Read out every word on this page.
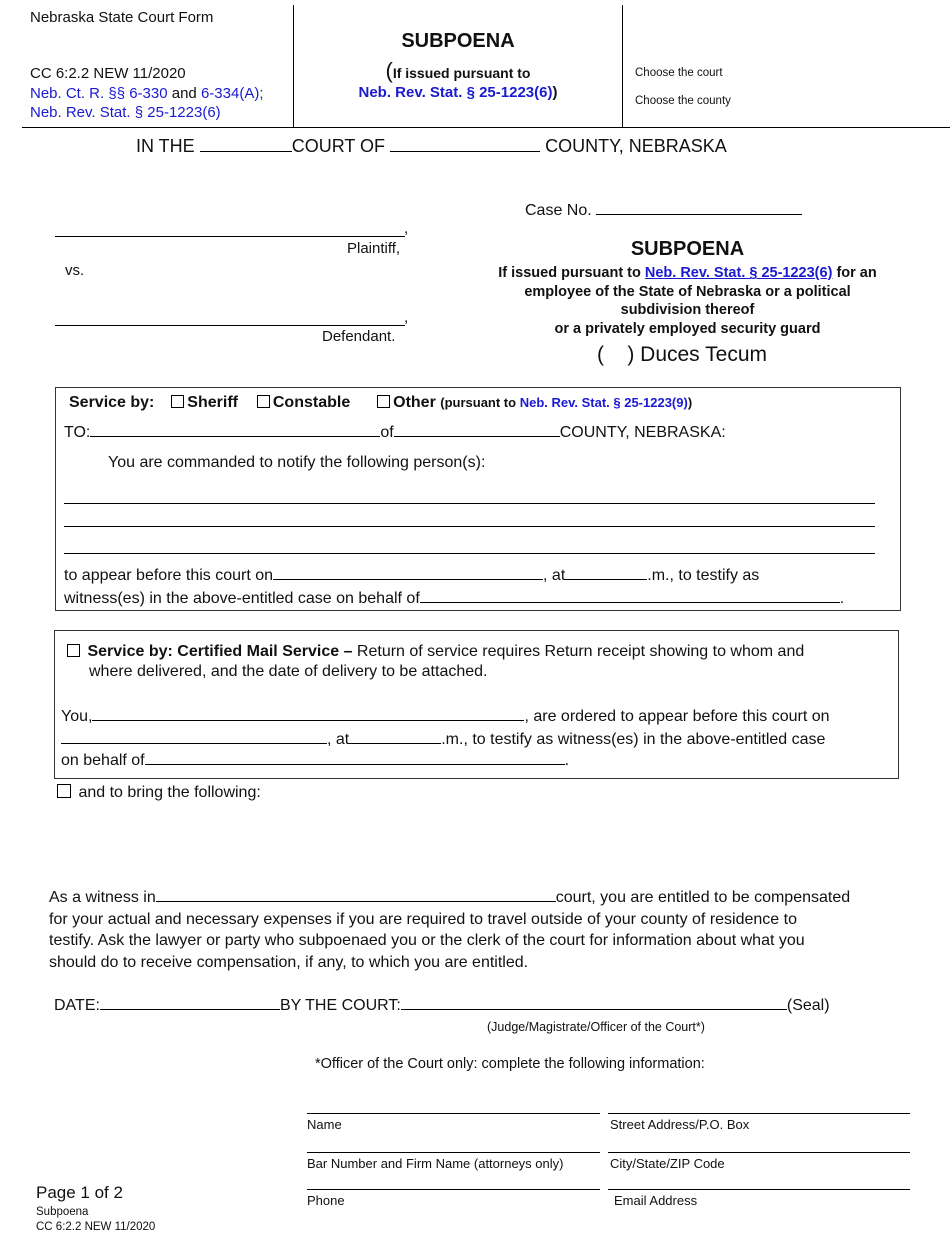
Nebraska State Court Form
CC 6:2.2 NEW 11/2020
Neb. Ct. R. §§ 6-330 and 6-334(A);
Neb. Rev. Stat. § 25-1223(6)
SUBPOENA
(If issued pursuant to
Neb. Rev. Stat. § 25-1223(6))
Choose the court
Choose the county
IN THE	COURT OF	COUNTY, NEBRASKA
Case No.
,
Plaintiff,
vs.
,
Defendant.
SUBPOENA
If issued pursuant to Neb. Rev. Stat. § 25-1223(6) for an
employee of the State of Nebraska or a political
subdivision thereof
or a privately employed security guard
(    ) Duces Tecum
Service by: Sheriff Constable	Other (pursuant to Neb. Rev. Stat. § 25-1223(9))
TO:	of	COUNTY, NEBRASKA:
You are commanded to notify the following person(s):
to appear before this court on	, at	.m., to testify as
witness(es) in the above-entitled case on behalf of	.
Service by: Certified Mail Service – Return of service requires Return receipt showing to whom and
where delivered, and the date of delivery to be attached.
You,	, are ordered to appear before this court on
, at	.m., to testify as witness(es) in the above-entitled case
on behalf of	.
and to bring the following:
As a witness in	court, you are entitled to be compensated
for your actual and necessary expenses if you are required to travel outside of your county of residence to
testify. Ask the lawyer or party who subpoenaed you or the clerk of the court for information about what you
should do to receive compensation, if any, to which you are entitled.
DATE:	BY THE COURT:	(Seal)
(Judge/Magistrate/Officer of the Court*)
*Officer of the Court only: complete the following information:
Name	Street Address/P.O. Box
Bar Number and Firm Name (attorneys only)	City/State/ZIP Code
Phone	Email Address
Page 1 of 2
Subpoena
CC 6:2.2 NEW 11/2020
